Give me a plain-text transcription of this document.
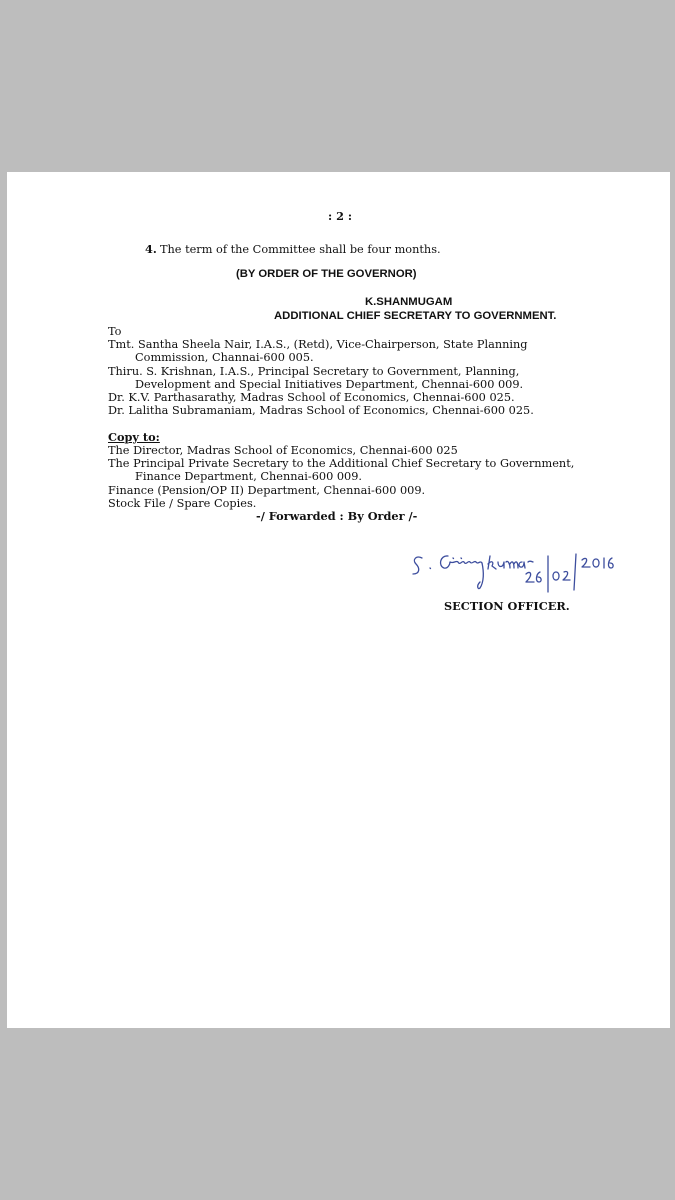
: 2 :
4. The term of the Committee shall be four months.
(BY ORDER OF THE GOVERNOR)
K.SHANMUGAM
ADDITIONAL CHIEF SECRETARY TO GOVERNMENT.
To
Tmt. Santha Sheela Nair, I.A.S., (Retd), Vice-Chairperson, State Planning
Commission, Channai-600 005.
Thiru. S. Krishnan, I.A.S., Principal Secretary to Government, Planning,
Development and Special Initiatives Department, Chennai-600 009.
Dr. K.V. Parthasarathy, Madras School of Economics, Chennai-600 025.
Dr. Lalitha Subramaniam, Madras School of Economics, Chennai-600 025.
Copy to:
The Director, Madras School of Economics, Chennai-600 025
The Principal Private Secretary to the Additional Chief Secretary to Government,
Finance Department, Chennai-600 009.
Finance (Pension/OP II) Department, Chennai-600 009.
Stock File / Spare Copies.
-/ Forwarded : By Order /-
SECTION OFFICER.
